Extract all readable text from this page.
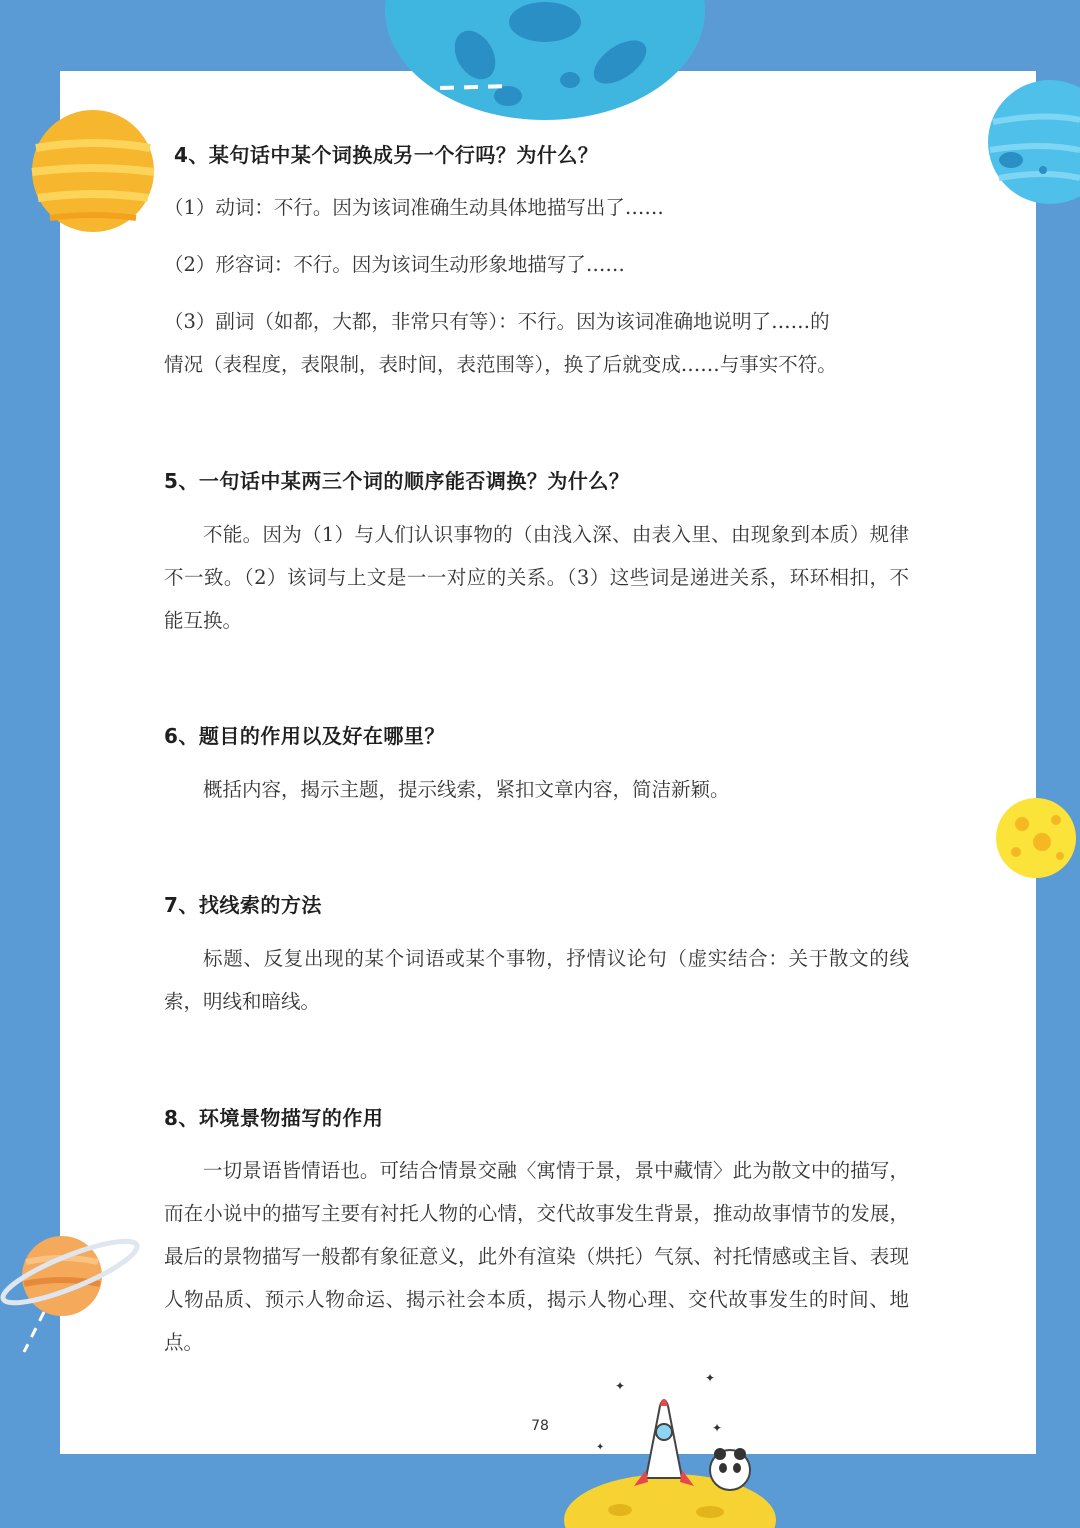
✦
✦
✦
✦
4、某句话中某个词换成另一个行吗？为什么？

（1）动词：不行。因为该词准确生动具体地描写出了……

（2）形容词：不行。因为该词生动形象地描写了……

（3）副词（如都，大都，非常只有等）：不行。因为该词准确地说明了……的

情况（表程度，表限制，表时间，表范围等），换了后就变成……与事实不符。

5、一句话中某两三个词的顺序能否调换？为什么？

不能。因为（1）与人们认识事物的（由浅入深、由表入里、由现象到本质）规律不一致。（2）该词与上文是一一对应的关系。（3）这些词是递进关系，环环相扣，不能互换。

6、题目的作用以及好在哪里？

概括内容，揭示主题，提示线索，紧扣文章内容，简洁新颖。

7、找线索的方法

标题、反复出现的某个词语或某个事物，抒情议论句（虚实结合：关于散文的线索，明线和暗线。

8、环境景物描写的作用

一切景语皆情语也。可结合情景交融〈寓情于景，景中藏情〉此为散文中的描写，而在小说中的描写主要有衬托人物的心情，交代故事发生背景，推动故事情节的发展，最后的景物描写一般都有象征意义，此外有渲染（烘托）气氛、衬托情感或主旨、表现人物品质、预示人物命运、揭示社会本质，揭示人物心理、交代故事发生的时间、地点。

78
